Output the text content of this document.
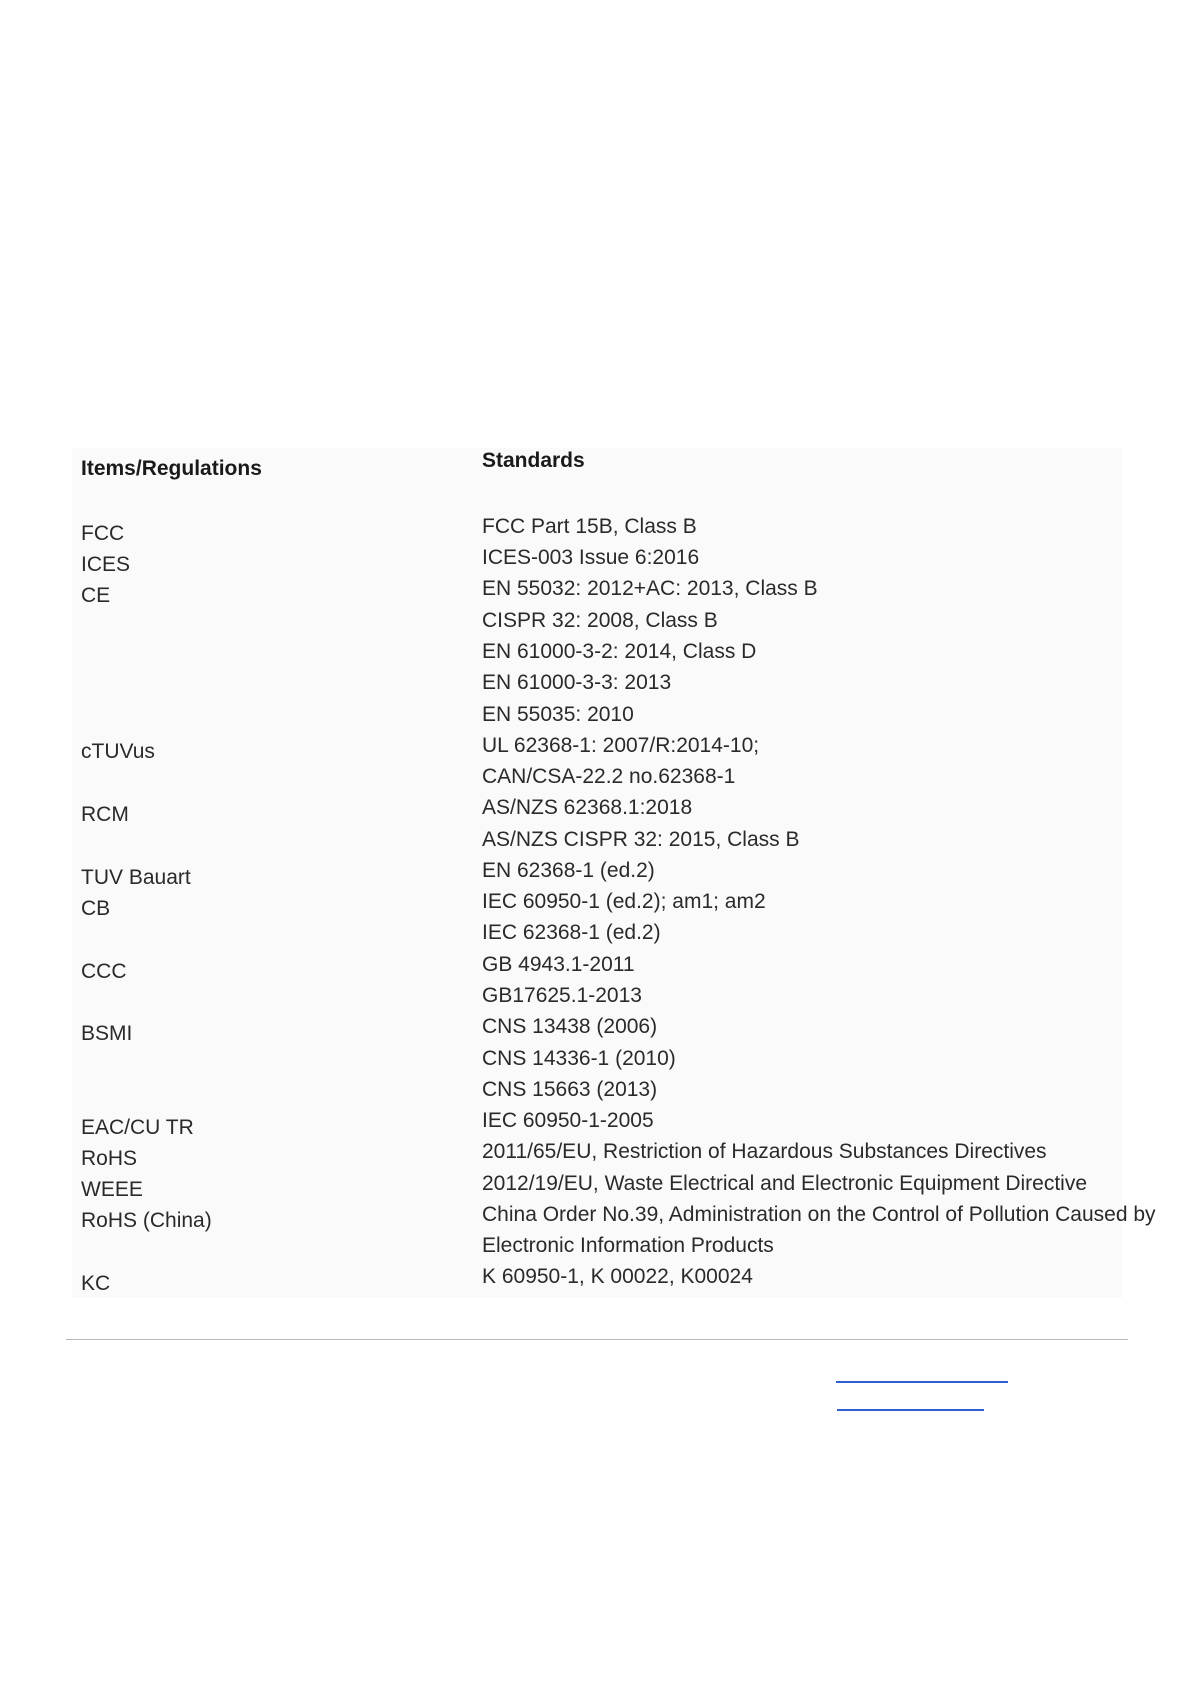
Items/Regulations	Standards
FCC
ICES
CE
cTUVus
RCM
TUV Bauart
CB
CCC
BSMI
EAC/CU TR
RoHS
WEEE
RoHS (China)
KC
FCC Part 15B, Class B
ICES-003 Issue 6:2016
EN 55032: 2012+AC: 2013, Class B
CISPR 32: 2008, Class B
EN 61000-3-2: 2014, Class D
EN 61000-3-3: 2013
EN 55035: 2010
UL 62368-1: 2007/R:2014-10;
CAN/CSA-22.2 no.62368-1
AS/NZS 62368.1:2018
AS/NZS CISPR 32: 2015, Class B
EN 62368-1 (ed.2)
IEC 60950-1 (ed.2); am1; am2
IEC 62368-1 (ed.2)
GB 4943.1-2011
GB17625.1-2013
CNS 13438 (2006)
CNS 14336-1 (2010)
CNS 15663 (2013)
IEC 60950-1-2005
2011/65/EU, Restriction of Hazardous Substances Directives
2012/19/EU, Waste Electrical and Electronic Equipment Directive
China Order No.39, Administration on the Control of Pollution Caused by
Electronic Information Products
K 60950-1, K 00022, K00024
